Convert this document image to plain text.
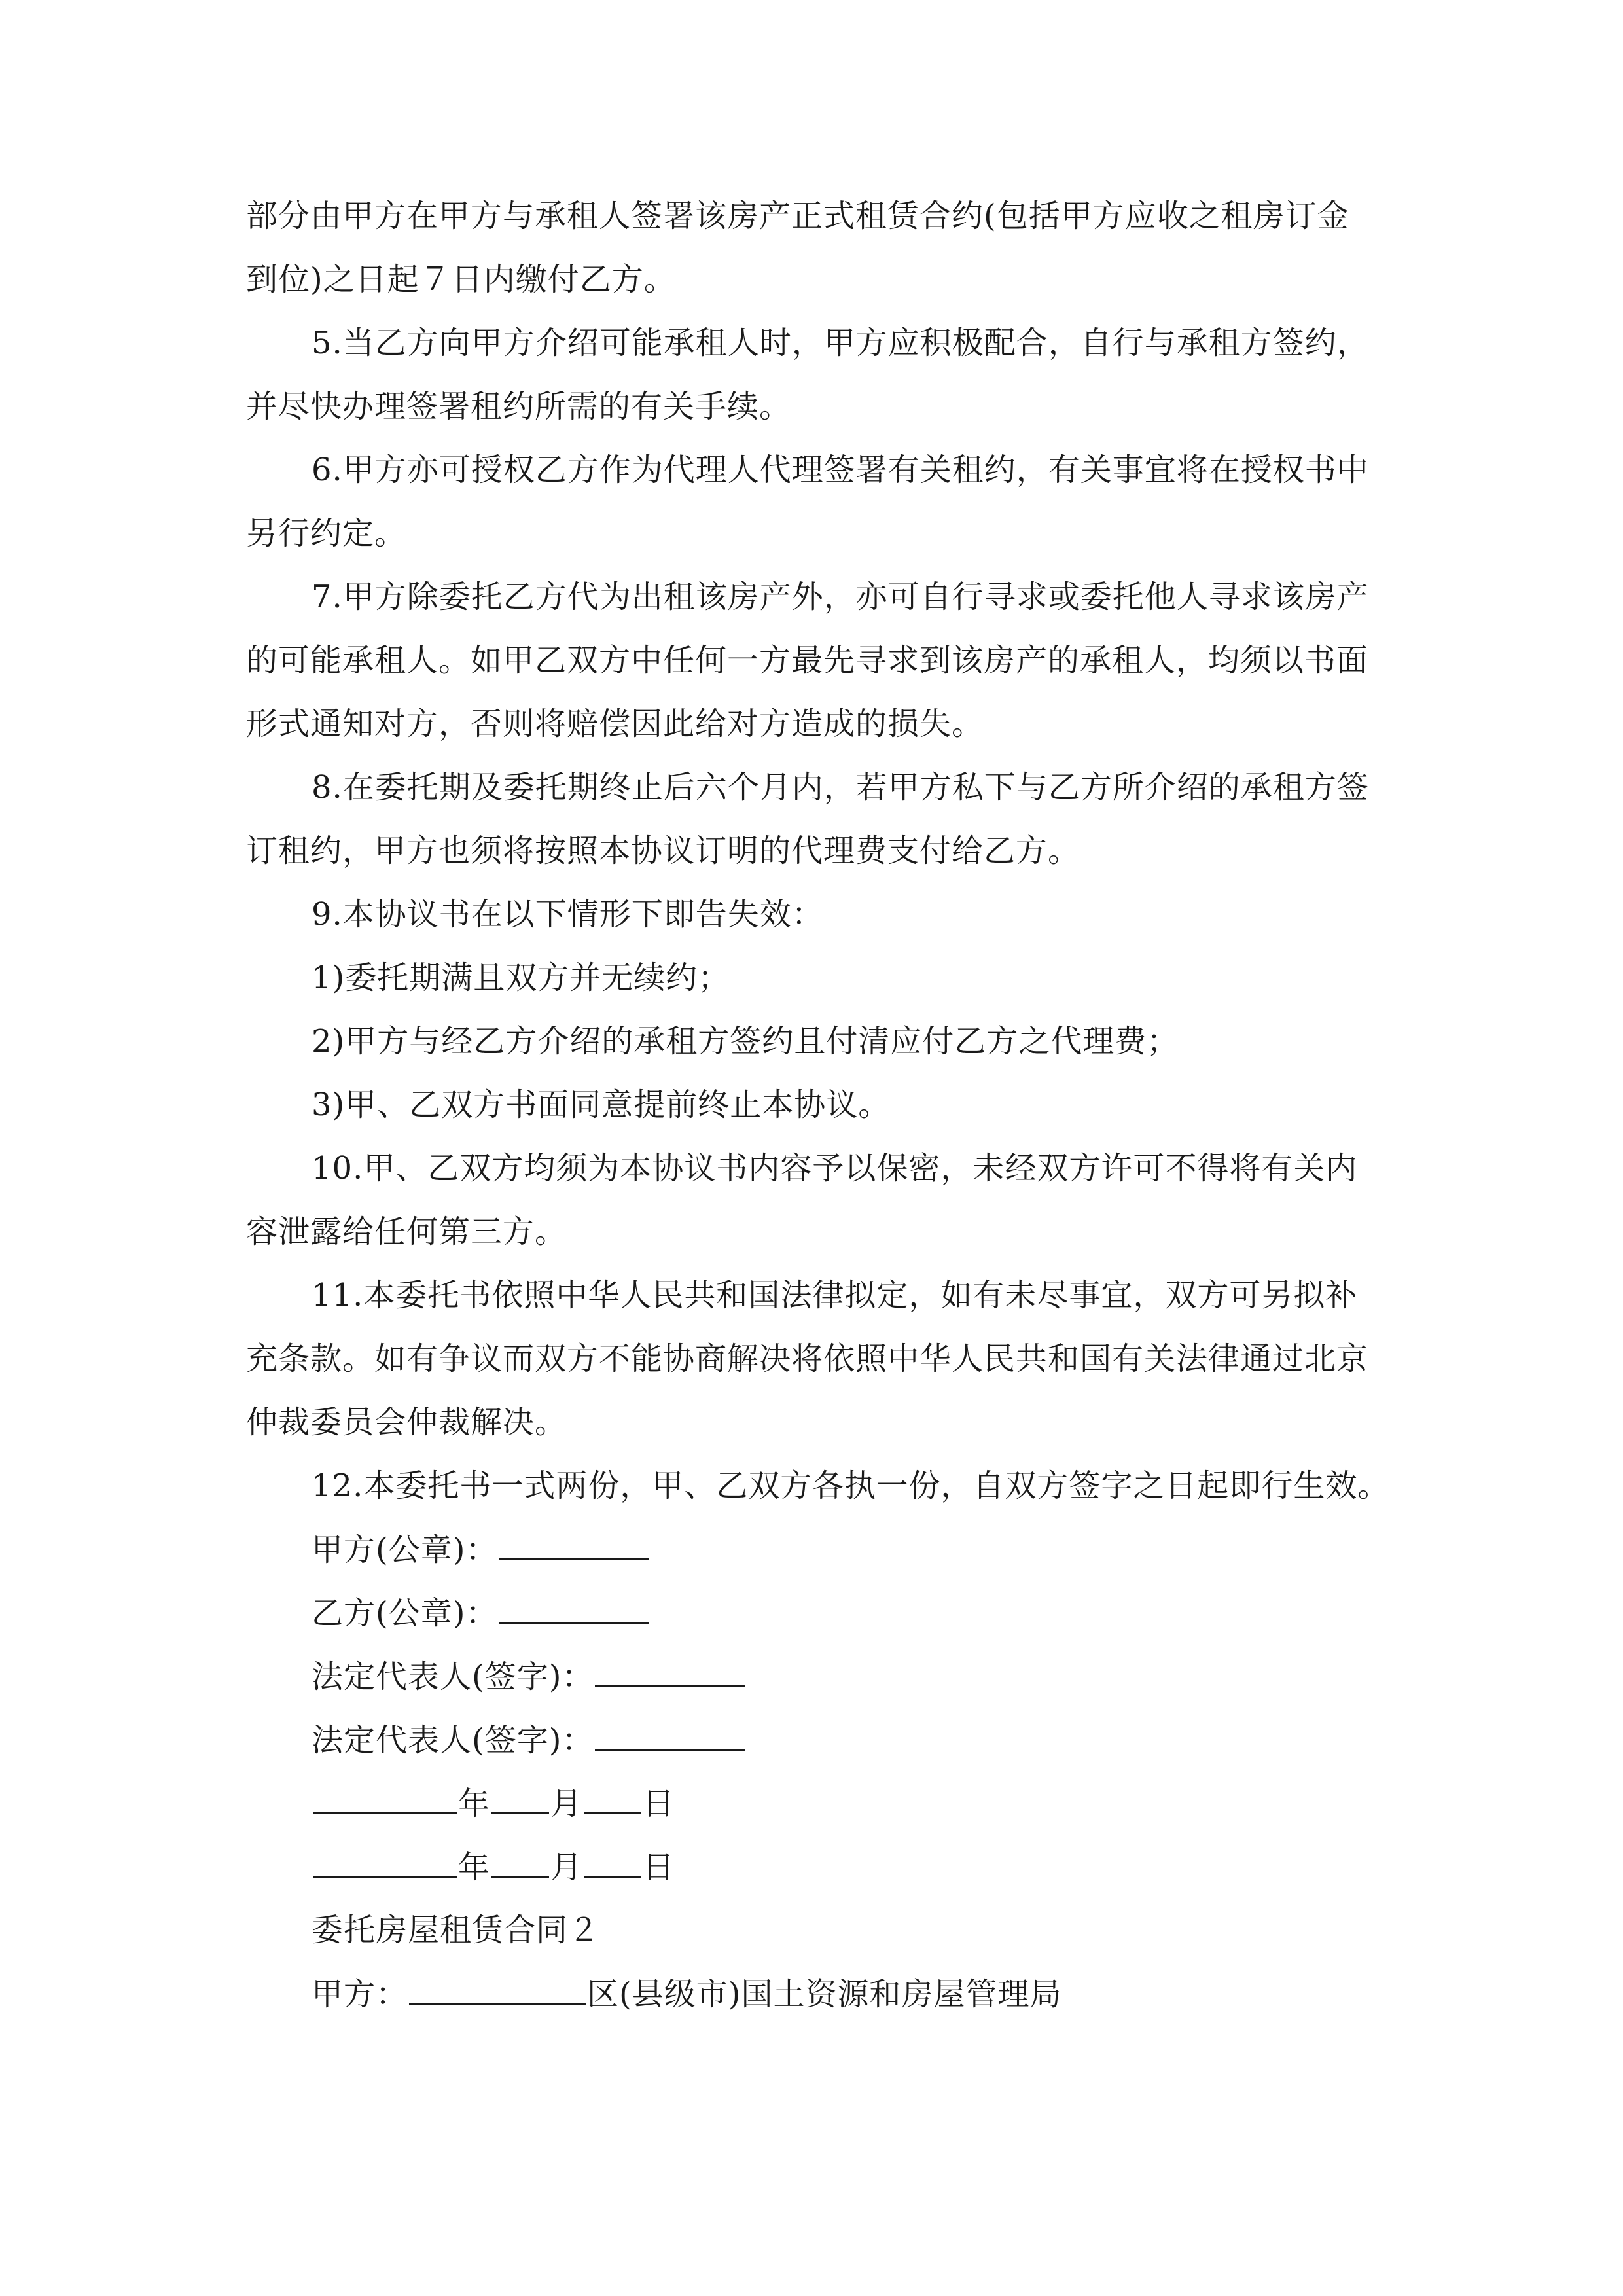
部分由甲方在甲方与承租人签署该房产正式租赁合约(包括甲方应收之租房订金
到位)之日起７日内缴付乙方。
5.当乙方向甲方介绍可能承租人时，甲方应积极配合，自行与承租方签约，
并尽快办理签署租约所需的有关手续。
6.甲方亦可授权乙方作为代理人代理签署有关租约，有关事宜将在授权书中
另行约定。
7.甲方除委托乙方代为出租该房产外，亦可自行寻求或委托他人寻求该房产
的可能承租人。如甲乙双方中任何一方最先寻求到该房产的承租人，均须以书面
形式通知对方，否则将赔偿因此给对方造成的损失。
8.在委托期及委托期终止后六个月内，若甲方私下与乙方所介绍的承租方签
订租约，甲方也须将按照本协议订明的代理费支付给乙方。
9.本协议书在以下情形下即告失效：
1)委托期满且双方并无续约；
2)甲方与经乙方介绍的承租方签约且付清应付乙方之代理费；
3)甲、乙双方书面同意提前终止本协议。
10.甲、乙双方均须为本协议书内容予以保密，未经双方许可不得将有关内
容泄露给任何第三方。
11.本委托书依照中华人民共和国法律拟定，如有未尽事宜，双方可另拟补
充条款。如有争议而双方不能协商解决将依照中华人民共和国有关法律通过北京
仲裁委员会仲裁解决。
12.本委托书一式两份，甲、乙双方各执一份，自双方签字之日起即行生效。
甲方(公章)：
乙方(公章)：
法定代表人(签字)：
法定代表人(签字)：
年 月 日
年 月 日
委托房屋租赁合同２
甲方：	区(县级市)国土资源和房屋管理局
